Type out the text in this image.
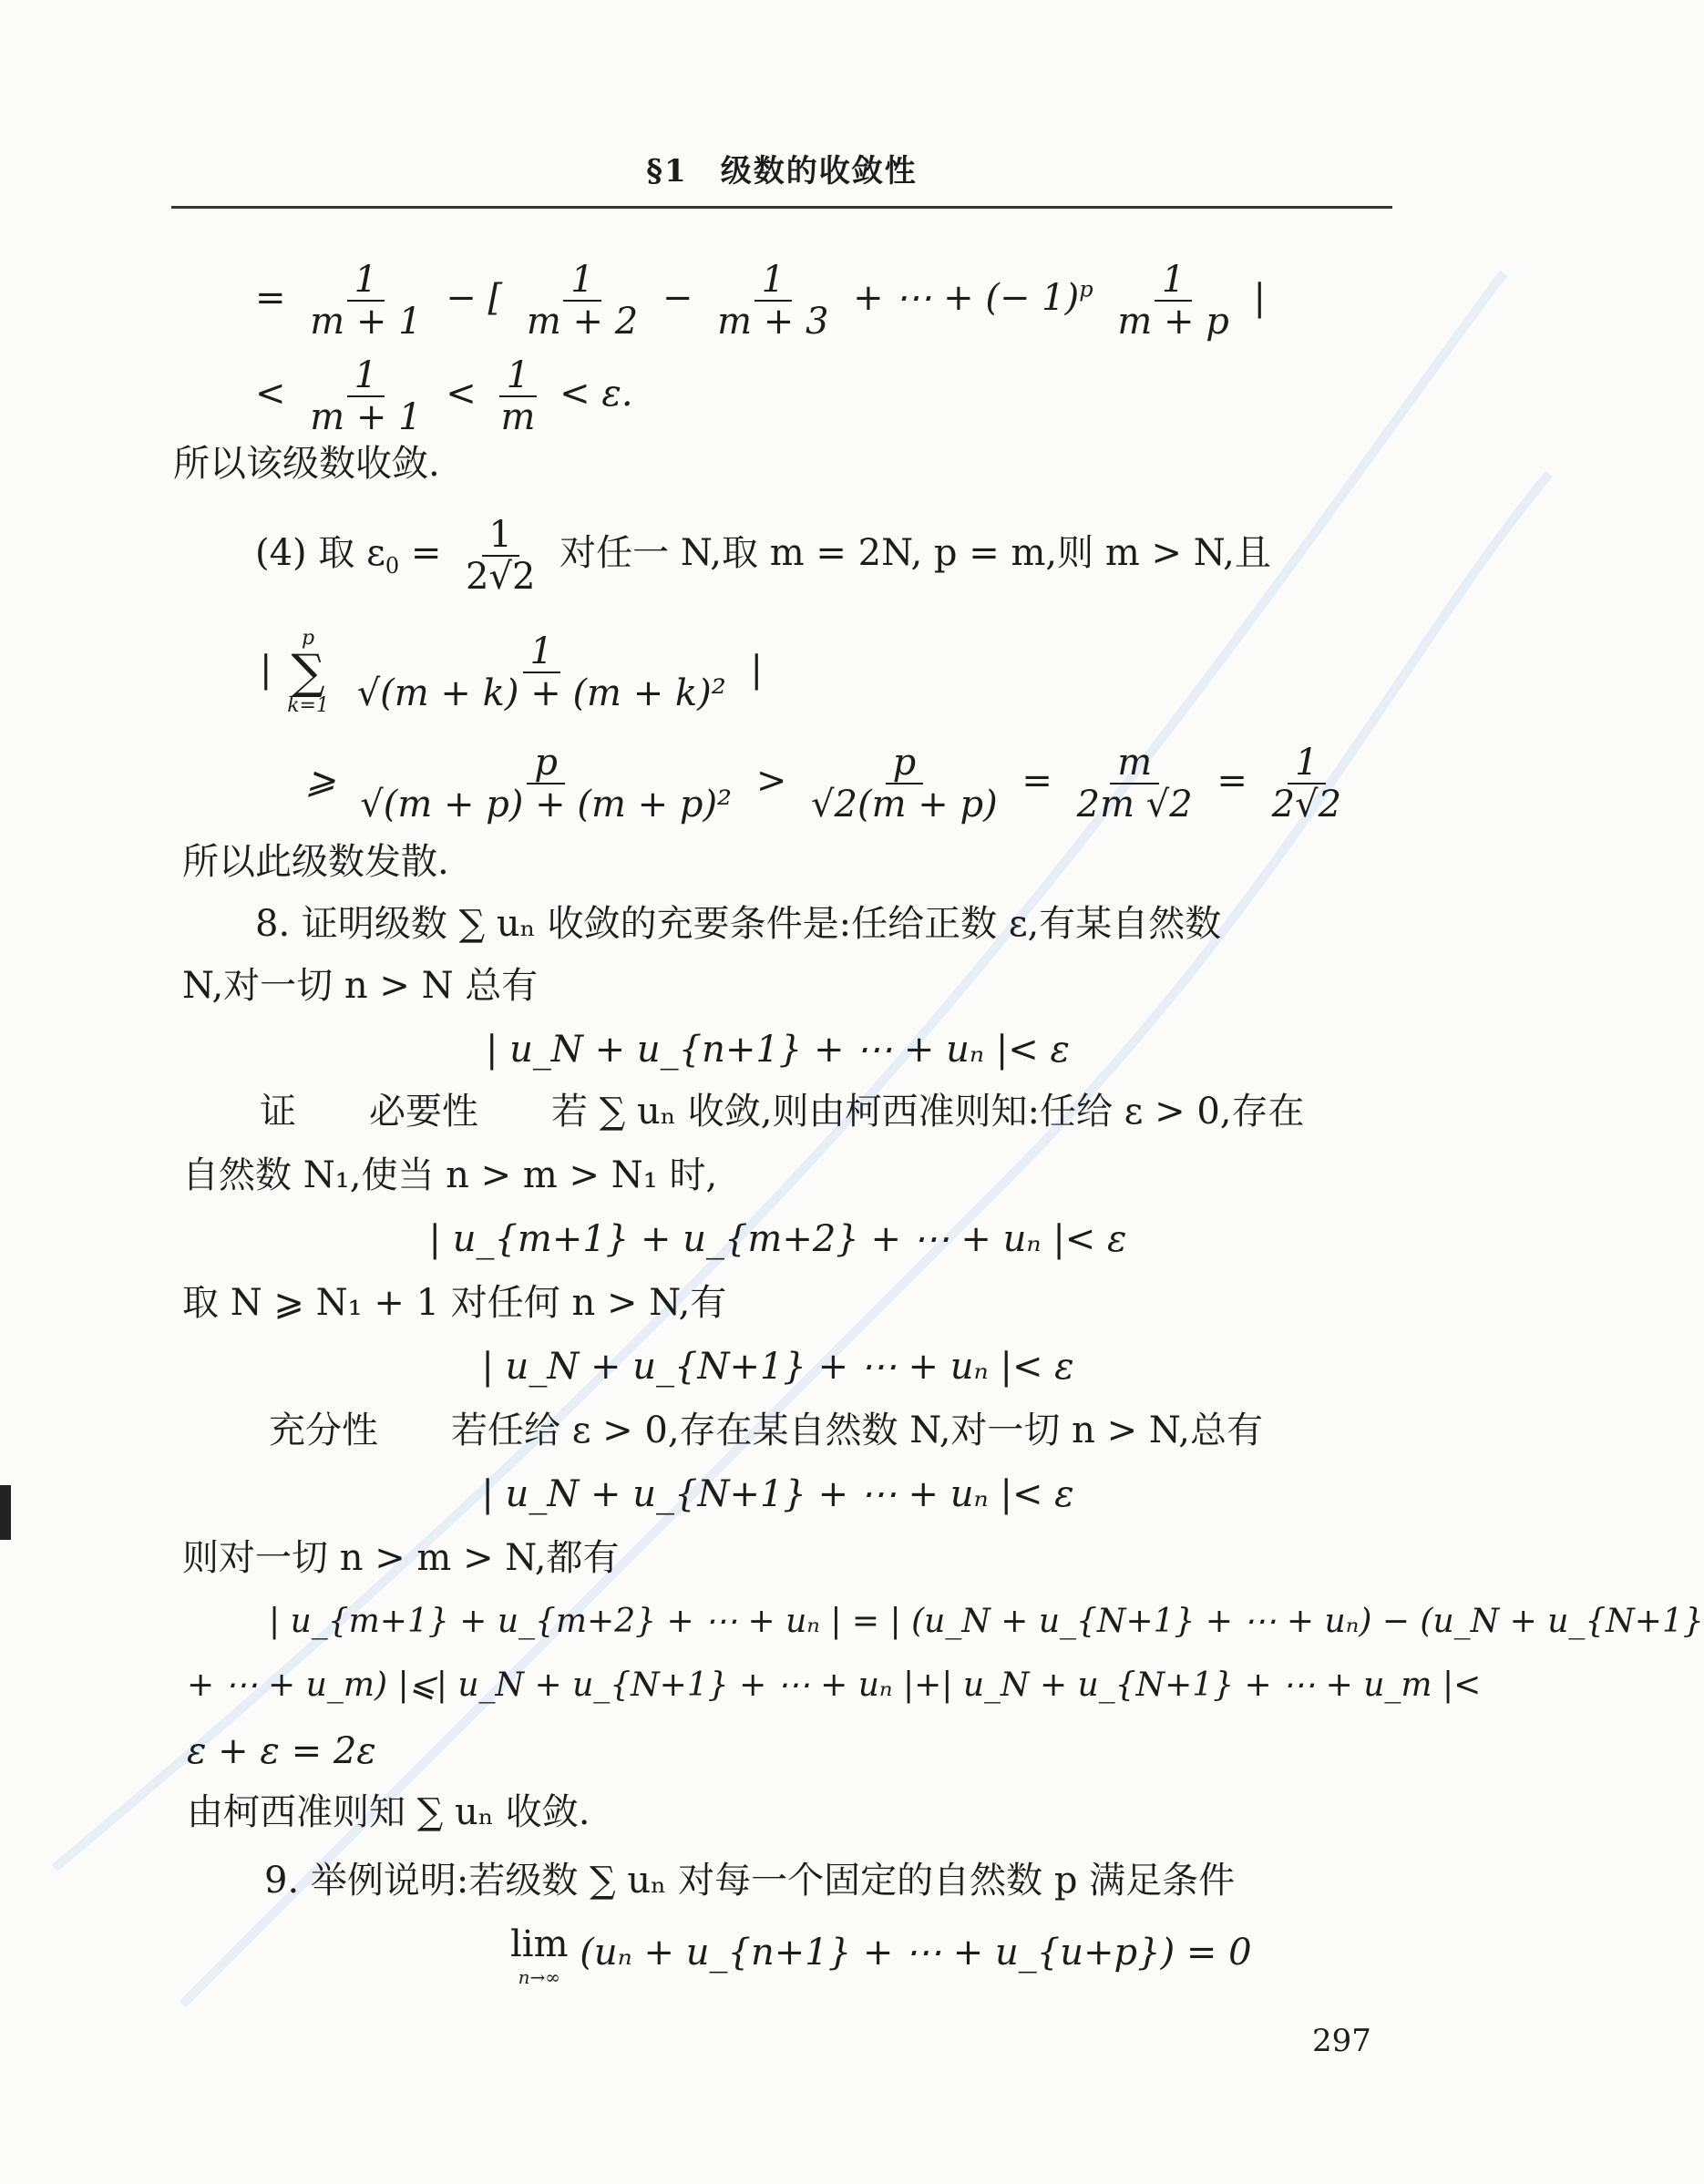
§1　级数的收敛性
= $\frac{1}{m + 1}$ − [ $\frac{1}{m + 2} - \frac{1}{m + 3}$ + ⋯ + (− $1)^p \frac{1}{m + p}$ |
< $\frac{1}{m + 1} < \frac{1}{m} < \varepsilon$.
所以该级数收敛.
(4) 取 $\varepsilon_0 = \frac{1}{2√2}$ 对任一 N,取 m = 2N, p = m,则 m > N,且
|
p
∑
k=1
$\frac{1}{\text{√(m + k) + (m + k)²}}$ |
⩾ $\frac{p}{\text{√(m + p) + (m + p)²}} > \frac{p}{√2(m + p)} = \frac{m}{2m √2} = \frac{1}{2√2}$
所以此级数发散.
8. 证明级数 ∑ uₙ 收敛的充要条件是:任给正数 ε,有某自然数
N,对一切 n > N 总有
| u_N + u_{n+1} + ⋯ + uₙ |< ε
证　　必要性　　若 ∑ uₙ 收敛,则由柯西准则知:任给 ε > 0,存在
自然数 N₁,使当 n > m > N₁ 时,
| u_{m+1} + u_{m+2} + ⋯ + uₙ |< ε
取 N ⩾ N₁ + 1 对任何 n > N,有
| u_N + u_{N+1} + ⋯ + uₙ |< ε
充分性　　若任给 ε > 0,存在某自然数 N,对一切 n > N,总有
| u_N + u_{N+1} + ⋯ + uₙ |< ε
则对一切 n > m > N,都有
| u_{m+1} + u_{m+2} + ⋯ + uₙ | = | (u_N + u_{N+1} + ⋯ + uₙ) − (u_N + u_{N+1}
+ ⋯ + u_m) |⩽| u_N + u_{N+1} + ⋯ + uₙ |+| u_N + u_{N+1} + ⋯ + u_m |<
ε + ε = 2ε
由柯西准则知 ∑ uₙ 收敛.
9. 举例说明:若级数 ∑ uₙ 对每一个固定的自然数 p 满足条件
lim
n→∞
(uₙ + u_{n+1} + ⋯ + u_{u+p}) = 0
297
